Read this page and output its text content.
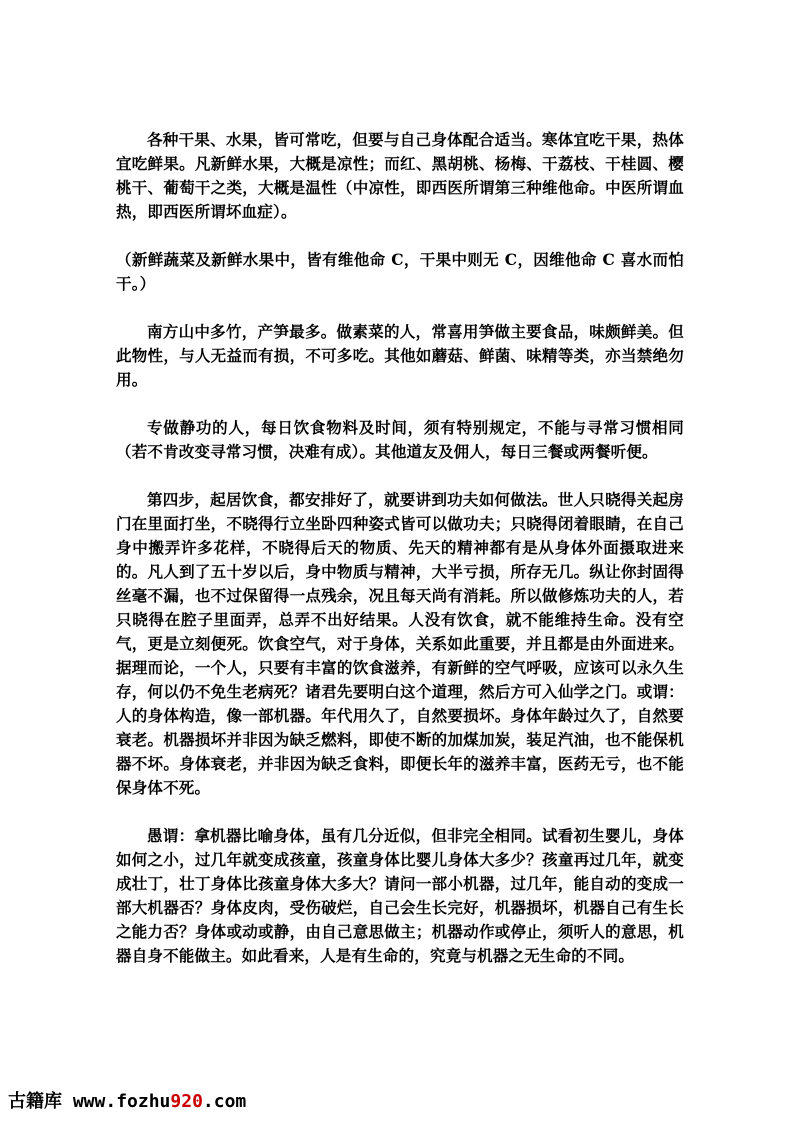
各种干果、水果，皆可常吃，但要与自己身体配合适当。寒体宜吃干果，热体宜吃鲜果。凡新鲜水果，大概是凉性；而红、黑胡桃、杨梅、干荔枝、干桂圆、樱桃干、葡萄干之类，大概是温性（中凉性，即西医所谓第三种维他命。中医所谓血热，即西医所谓坏血症）。

（新鲜蔬菜及新鲜水果中，皆有维他命 C，干果中则无 C，因维他命 C 喜水而怕干。）

南方山中多竹，产笋最多。做素菜的人，常喜用笋做主要食品，味颇鲜美。但此物性，与人无益而有损，不可多吃。其他如蘑菇、鲜菌、味精等类，亦当禁绝勿用。

专做静功的人，每日饮食物料及时间，须有特别规定，不能与寻常习惯相同（若不肯改变寻常习惯，决难有成）。其他道友及佣人，每日三餐或两餐听便。

第四步，起居饮食，都安排好了，就要讲到功夫如何做法。世人只晓得关起房门在里面打坐，不晓得行立坐卧四种姿式皆可以做功夫；只晓得闭着眼睛，在自己身中搬弄许多花样，不晓得后天的物质、先天的精神都有是从身体外面摄取进来的。凡人到了五十岁以后，身中物质与精神，大半亏损，所存无几。纵让你封固得丝毫不漏，也不过保留得一点残余，况且每天尚有消耗。所以做修炼功夫的人，若只晓得在腔子里面弄，总弄不出好结果。人没有饮食，就不能维持生命。没有空气，更是立刻便死。饮食空气，对于身体，关系如此重要，并且都是由外面进来。据理而论，一个人，只要有丰富的饮食滋养，有新鲜的空气呼吸，应该可以永久生存，何以仍不免生老病死？诸君先要明白这个道理，然后方可入仙学之门。或谓：人的身体构造，像一部机器。年代用久了，自然要损坏。身体年龄过久了，自然要衰老。机器损坏并非因为缺乏燃料，即使不断的加煤加炭，装足汽油，也不能保机器不坏。身体衰老，并非因为缺乏食料，即便长年的滋养丰富，医药无亏，也不能保身体不死。

愚谓：拿机器比喻身体，虽有几分近似，但非完全相同。试看初生婴儿，身体如何之小，过几年就变成孩童，孩童身体比婴儿身体大多少？孩童再过几年，就变成壮丁，壮丁身体比孩童身体大多大？请问一部小机器，过几年，能自动的变成一部大机器否？身体皮肉，受伤破烂，自己会生长完好，机器损坏，机器自己有生长之能力否？身体或动或静，由自己意思做主；机器动作或停止，须听人的意思，机器自身不能做主。如此看来，人是有生命的，究竟与机器之无生命的不同。

古籍库 www.fozhu920.com
